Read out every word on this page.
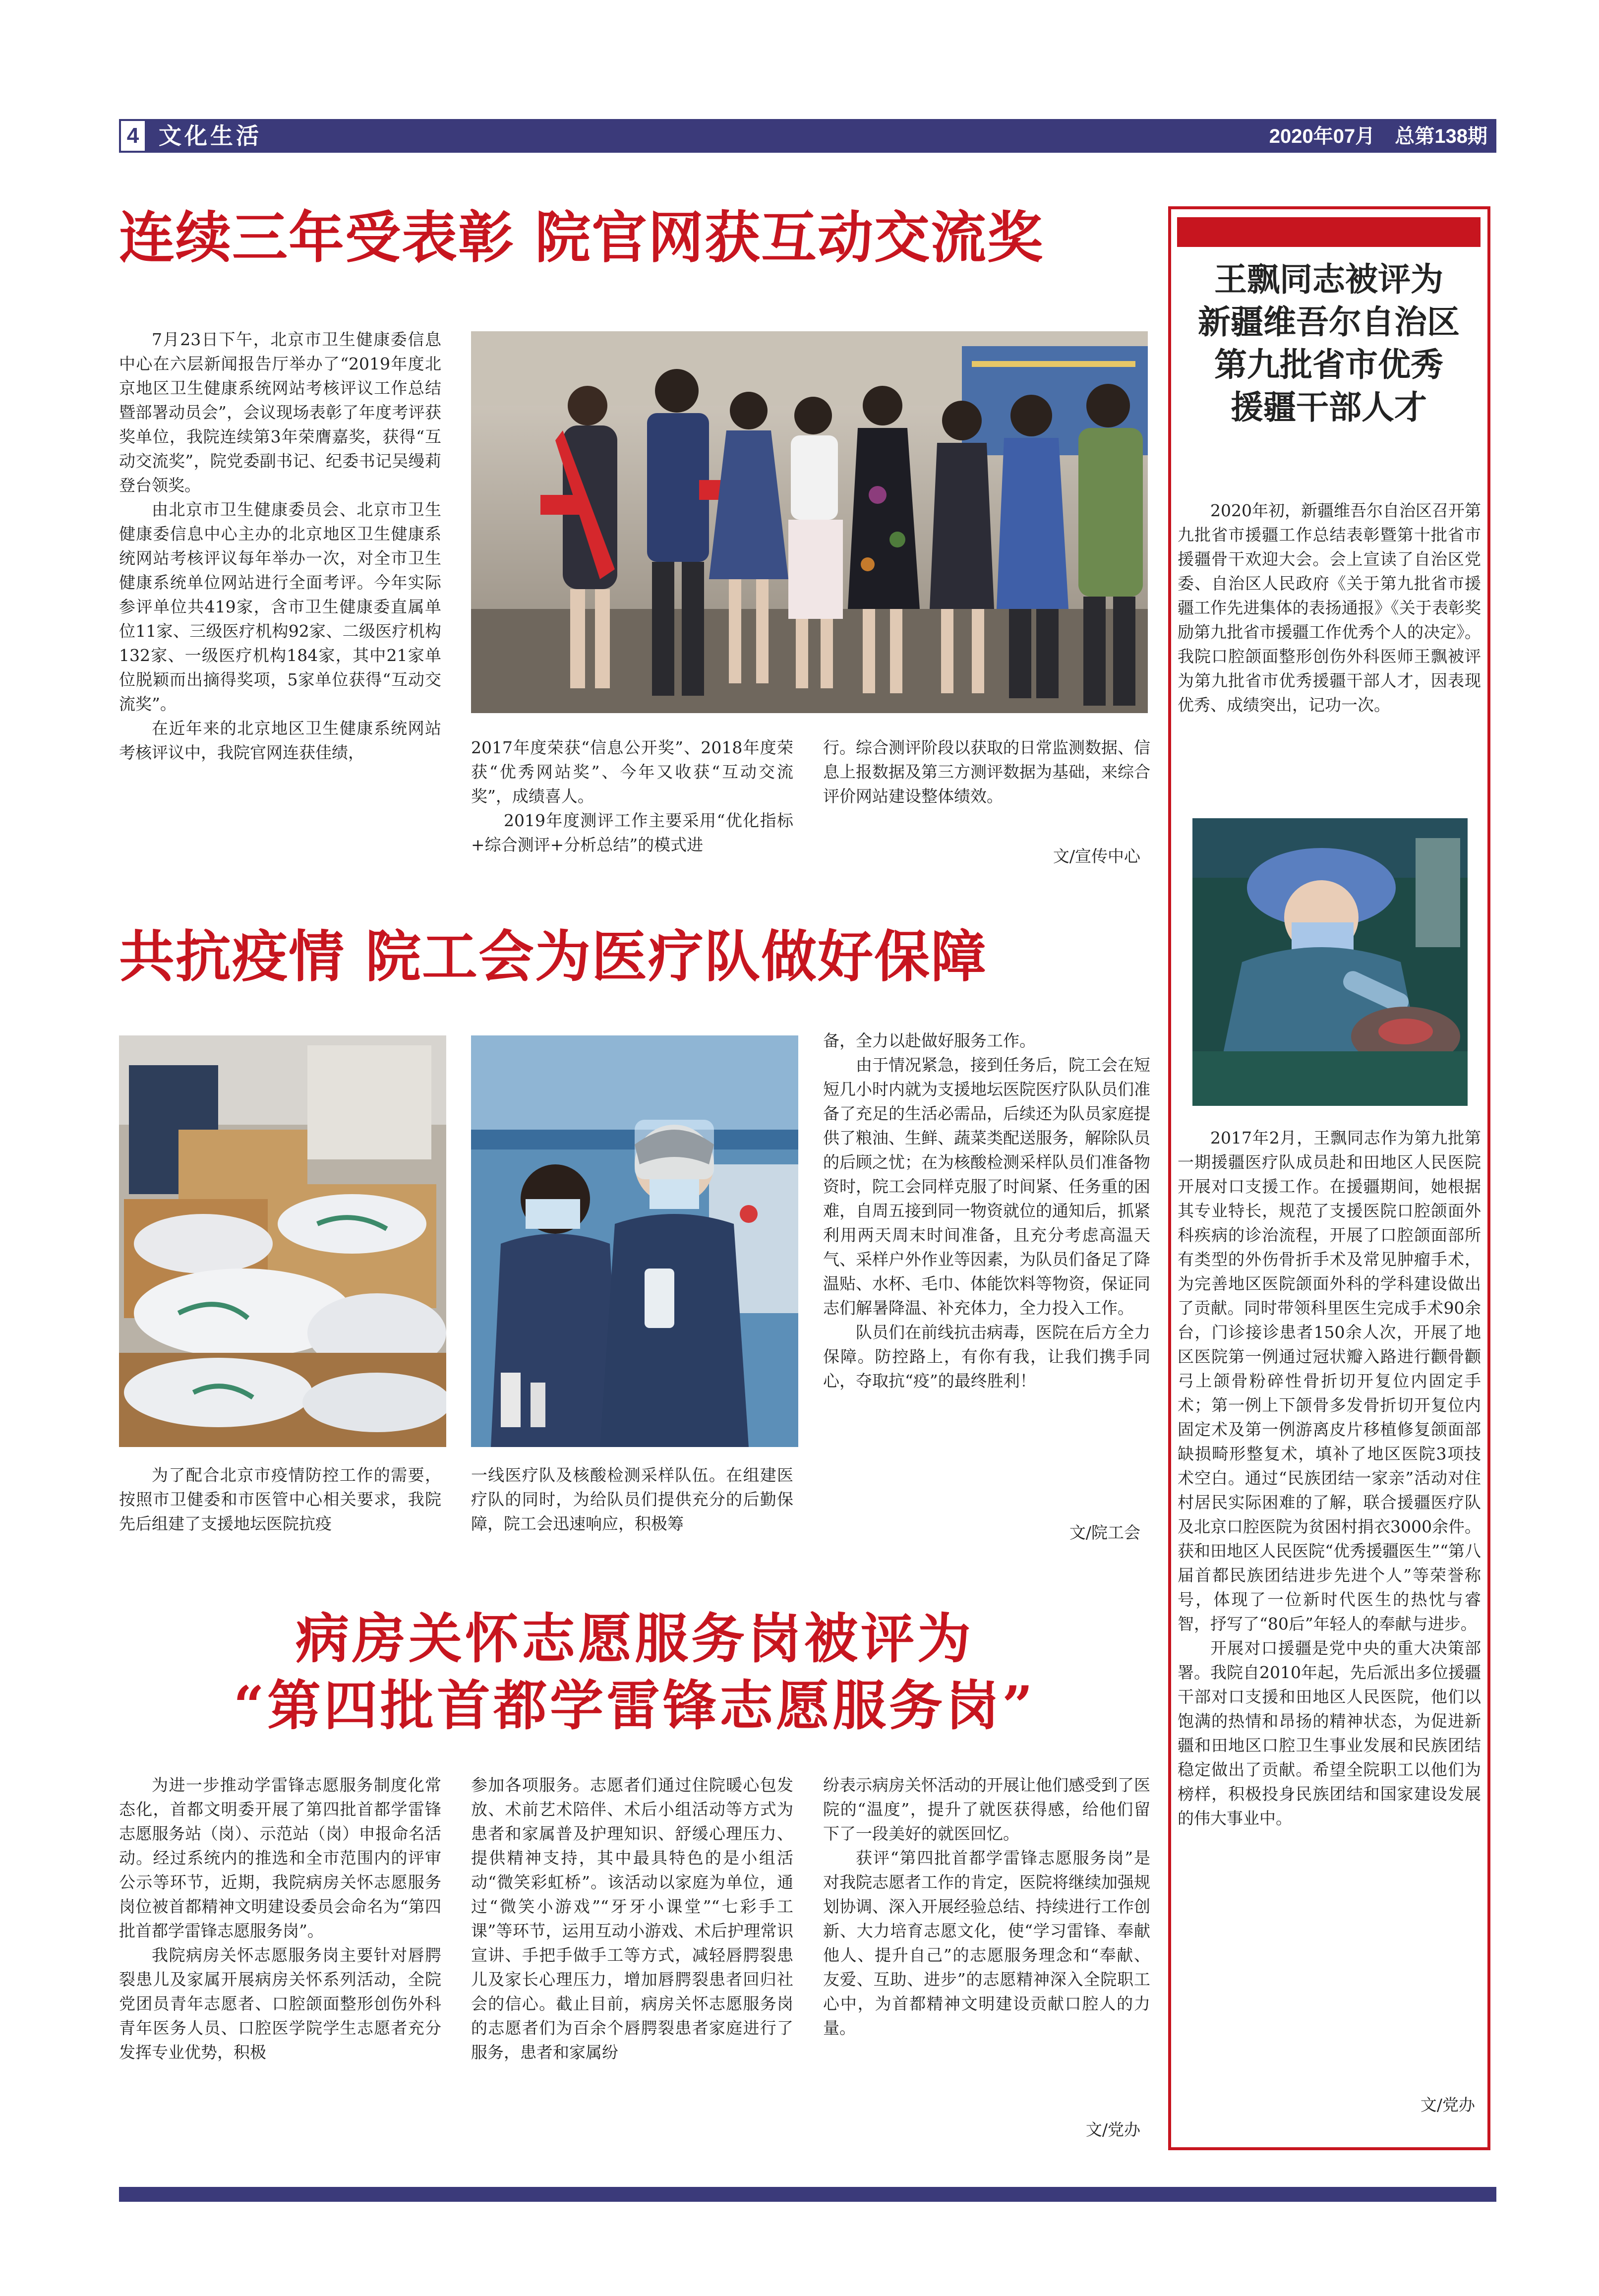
4 文化生活	2020年07月　总第138期
连续三年受表彰 院官网获互动交流奖

7月23日下午，北京市卫生健康委信息中心在六层新闻报告厅举办了“2019年度北京地区卫生健康系统网站考核评议工作总结暨部署动员会”，会议现场表彰了年度考评获奖单位，我院连续第3年荣膺嘉奖，获得“互动交流奖”，院党委副书记、纪委书记吴缦莉登台领奖。

由北京市卫生健康委员会、北京市卫生健康委信息中心主办的北京地区卫生健康系统网站考核评议每年举办一次，对全市卫生健康系统单位网站进行全面考评。今年实际参评单位共419家，含市卫生健康委直属单位11家、三级医疗机构92家、二级医疗机构132家、一级医疗机构184家，其中21家单位脱颖而出摘得奖项，5家单位获得“互动交流奖”。

在近年来的北京地区卫生健康系统网站考核评议中，我院官网连获佳绩，	2017年度荣获“信息公开奖”、2018年度荣获“优秀网站奖”、今年又收获“互动交流奖”，成绩喜人。

2019年度测评工作主要采用“优化指标+综合测评+分析总结”的模式进

行。综合测评阶段以获取的日常监测数据、信息上报数据及第三方测评数据为基础，来综合评价网站建设整体绩效。

文/宣传中心
共抗疫情 院工会为医疗队做好保障

为了配合北京市疫情防控工作的需要，按照市卫健委和市医管中心相关要求，我院先后组建了支援地坛医院抗疫

一线医疗队及核酸检测采样队伍。在组建医疗队的同时，为给队员们提供充分的后勤保障，院工会迅速响应，积极筹

备，全力以赴做好服务工作。

由于情况紧急，接到任务后，院工会在短短几小时内就为支援地坛医院医疗队队员们准备了充足的生活必需品，后续还为队员家庭提供了粮油、生鲜、蔬菜类配送服务，解除队员的后顾之忧；在为核酸检测采样队员们准备物资时，院工会同样克服了时间紧、任务重的困难，自周五接到同一物资就位的通知后，抓紧利用两天周末时间准备，且充分考虑高温天气、采样户外作业等因素，为队员们备足了降温贴、水杯、毛巾、体能饮料等物资，保证同志们解暑降温、补充体力，全力投入工作。

队员们在前线抗击病毒，医院在后方全力保障。防控路上，有你有我，让我们携手同心，夺取抗“疫”的最终胜利！

文/院工会
病房关怀志愿服务岗被评为
“第四批首都学雷锋志愿服务岗”

为进一步推动学雷锋志愿服务制度化常态化，首都文明委开展了第四批首都学雷锋志愿服务站（岗）、示范站（岗）申报命名活动。经过系统内的推选和全市范围内的评审公示等环节，近期，我院病房关怀志愿服务岗位被首都精神文明建设委员会命名为“第四批首都学雷锋志愿服务岗”。

我院病房关怀志愿服务岗主要针对唇腭裂患儿及家属开展病房关怀系列活动，全院党团员青年志愿者、口腔颌面整形创伤外科青年医务人员、口腔医学院学生志愿者充分发挥专业优势，积极

参加各项服务。志愿者们通过住院暖心包发放、术前艺术陪伴、术后小组活动等方式为患者和家属普及护理知识、舒缓心理压力、提供精神支持，其中最具特色的是小组活动“微笑彩虹桥”。该活动以家庭为单位，通过“微笑小游戏”“牙牙小课堂”“七彩手工课”等环节，运用互动小游戏、术后护理常识宣讲、手把手做手工等方式，减轻唇腭裂患儿及家长心理压力，增加唇腭裂患者回归社会的信心。截止目前，病房关怀志愿服务岗的志愿者们为百余个唇腭裂患者家庭进行了服务，患者和家属纷

纷表示病房关怀活动的开展让他们感受到了医院的“温度”，提升了就医获得感，给他们留下了一段美好的就医回忆。

获评“第四批首都学雷锋志愿服务岗”是对我院志愿者工作的肯定，医院将继续加强规划协调、深入开展经验总结、持续进行工作创新、大力培育志愿文化，使“学习雷锋、奉献他人、提升自己”的志愿服务理念和“奉献、友爱、互助、进步”的志愿精神深入全院职工心中，为首都精神文明建设贡献口腔人的力量。

文/党办
王飘同志被评为
新疆维吾尔自治区
第九批省市优秀
援疆干部人才

2020年初，新疆维吾尔自治区召开第九批省市援疆工作总结表彰暨第十批省市援疆骨干欢迎大会。会上宣读了自治区党委、自治区人民政府《关于第九批省市援疆工作先进集体的表扬通报》《关于表彰奖励第九批省市援疆工作优秀个人的决定》。我院口腔颌面整形创伤外科医师王飘被评为第九批省市优秀援疆干部人才，因表现优秀、成绩突出，记功一次。

2017年2月，王飘同志作为第九批第一期援疆医疗队成员赴和田地区人民医院开展对口支援工作。在援疆期间，她根据其专业特长，规范了支援医院口腔颌面外科疾病的诊治流程，开展了口腔颌面部所有类型的外伤骨折手术及常见肿瘤手术，为完善地区医院颌面外科的学科建设做出了贡献。同时带领科里医生完成手术90余台，门诊接诊患者150余人次，开展了地区医院第一例通过冠状瓣入路进行颧骨颧弓上颌骨粉碎性骨折切开复位内固定手术；第一例上下颌骨多发骨折切开复位内固定术及第一例游离皮片移植修复颌面部缺损畸形整复术，填补了地区医院3项技术空白。通过“民族团结一家亲”活动对住村居民实际困难的了解，联合援疆医疗队及北京口腔医院为贫困村捐衣3000余件。获和田地区人民医院“优秀援疆医生”“第八届首都民族团结进步先进个人”等荣誉称号，体现了一位新时代医生的热忱与睿智，抒写了“80后”年轻人的奉献与进步。

开展对口援疆是党中央的重大决策部署。我院自2010年起，先后派出多位援疆干部对口支援和田地区人民医院，他们以饱满的热情和昂扬的精神状态，为促进新疆和田地区口腔卫生事业发展和民族团结稳定做出了贡献。希望全院职工以他们为榜样，积极投身民族团结和国家建设发展的伟大事业中。

文/党办
